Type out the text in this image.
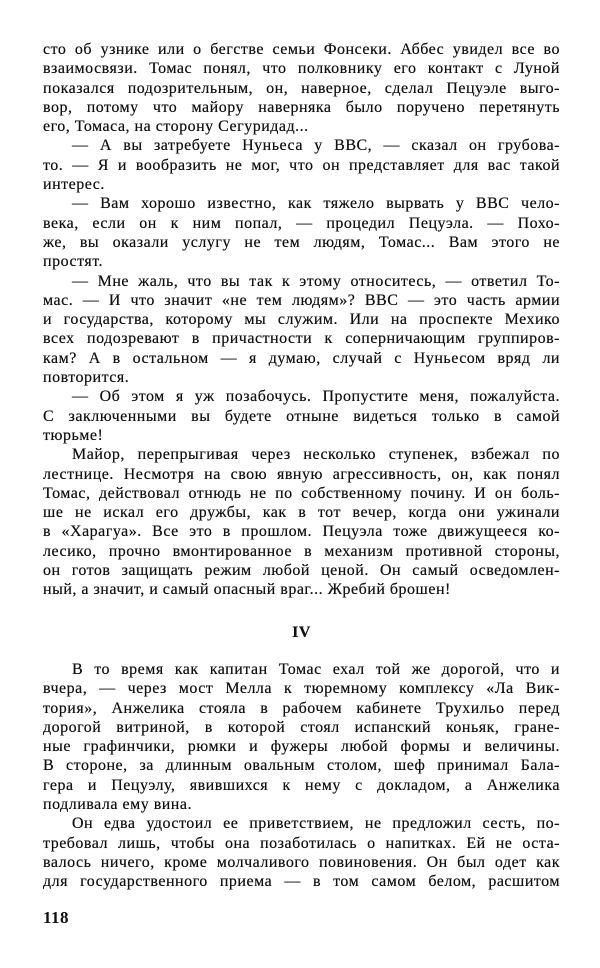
сто об узнике или о бегстве семьи Фонсеки. Аббес увидел все во
взаимосвязи. Томас понял, что полковнику его контакт с Луной
показался подозрительным, он, наверное, сделал Пецуэле выго-
вор, потому что майору наверняка было поручено перетянуть
его, Томаса, на сторону Сегуридад...
— А вы затребуете Нуньеса у ВВС, — сказал он грубова-
то. — Я и вообразить не мог, что он представляет для вас такой
интерес.
— Вам хорошо известно, как тяжело вырвать у ВВС чело-
века, если он к ним попал, — процедил Пецуэла. — Похо-
же, вы оказали услугу не тем людям, Томас... Вам этого не
простят.
— Мне жаль, что вы так к этому относитесь, — ответил То-
мас. — И что значит «не тем людям»? ВВС — это часть армии
и государства, которому мы служим. Или на проспекте Мехико
всех подозревают в причастности к соперничающим группиров-
кам? А в остальном — я думаю, случай с Нуньесом вряд ли
повторится.
— Об этом я уж позабочусь. Пропустите меня, пожалуйста.
С заключенными вы будете отныне видеться только в самой
тюрьме!
Майор, перепрыгивая через несколько ступенек, взбежал по
лестнице. Несмотря на свою явную агрессивность, он, как понял
Томас, действовал отнюдь не по собственному почину. И он боль-
ше не искал его дружбы, как в тот вечер, когда они ужинали
в «Харагуа». Все это в прошлом. Пецуэла тоже движущееся ко-
лесико, прочно вмонтированное в механизм противной стороны,
он готов защищать режим любой ценой. Он самый осведомлен-
ный, а значит, и самый опасный враг... Жребий брошен!
IV
В то время как капитан Томас ехал той же дорогой, что и
вчера, — через мост Мелла к тюремному комплексу «Ла Вик-
тория», Анжелика стояла в рабочем кабинете Трухильо перед
дорогой витриной, в которой стоял испанский коньяк, гране-
ные графинчики, рюмки и фужеры любой формы и величины.
В стороне, за длинным овальным столом, шеф принимал Бала-
гера и Пецуэлу, явившихся к нему с докладом, а Анжелика
подливала ему вина.
Он едва удостоил ее приветствием, не предложил сесть, по-
требовал лишь, чтобы она позаботилась о напитках. Ей не оста-
валось ничего, кроме молчаливого повиновения. Он был одет как
для государственного приема — в том самом белом, расшитом
118
